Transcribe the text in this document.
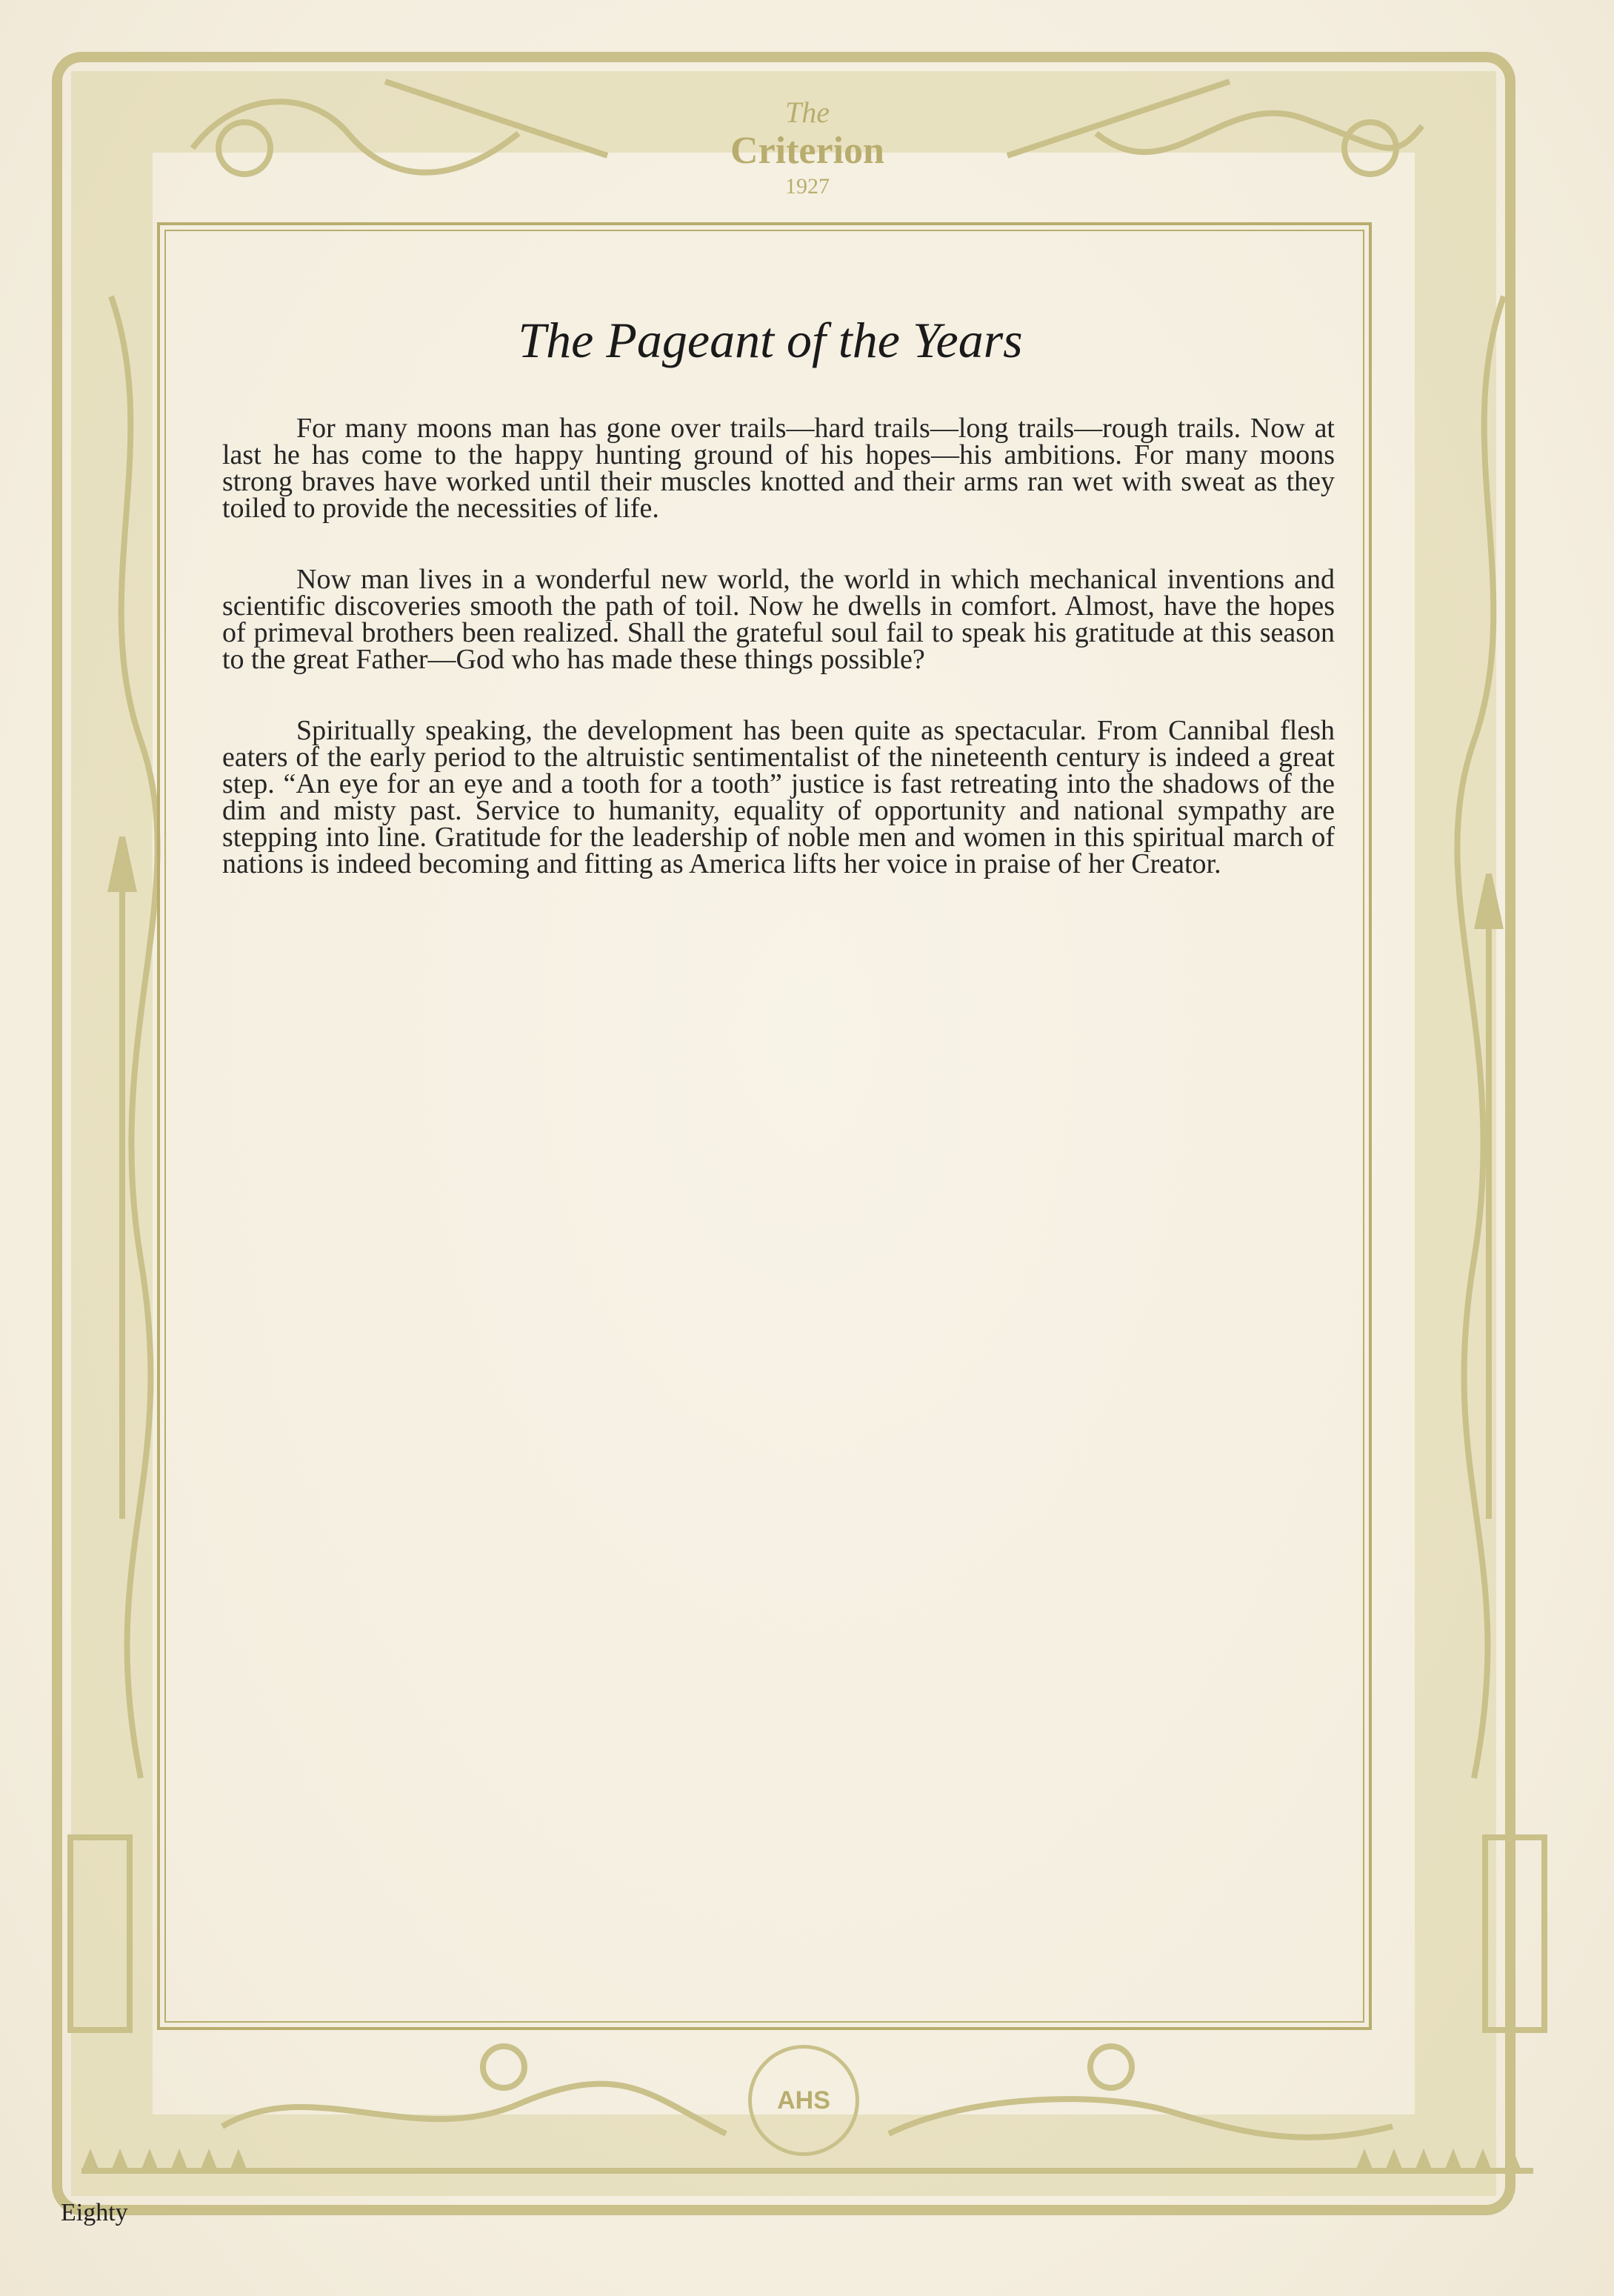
The
Criterion
1927
AHS
The Pageant of the Years

For many moons man has gone over trails—hard trails—long trails—rough trails. Now at last he has come to the happy hunting ground of his hopes—his ambitions. For many moons strong braves have worked until their muscles knotted and their arms ran wet with sweat as they toiled to provide the necessities of life.

Now man lives in a wonderful new world, the world in which mechanical inventions and scientific discoveries smooth the path of toil. Now he dwells in comfort. Almost, have the hopes of primeval brothers been realized. Shall the grateful soul fail to speak his gratitude at this season to the great Father—God who has made these things possible?

Spiritually speaking, the development has been quite as spectacular. From Cannibal flesh eaters of the early period to the altruistic sentimentalist of the nineteenth century is indeed a great step. “An eye for an eye and a tooth for a tooth” justice is fast retreating into the shadows of the dim and misty past. Service to humanity, equality of opportunity and national sympathy are stepping into line. Gratitude for the leadership of noble men and women in this spiritual march of nations is indeed becoming and fitting as America lifts her voice in praise of her Creator.

Eighty
